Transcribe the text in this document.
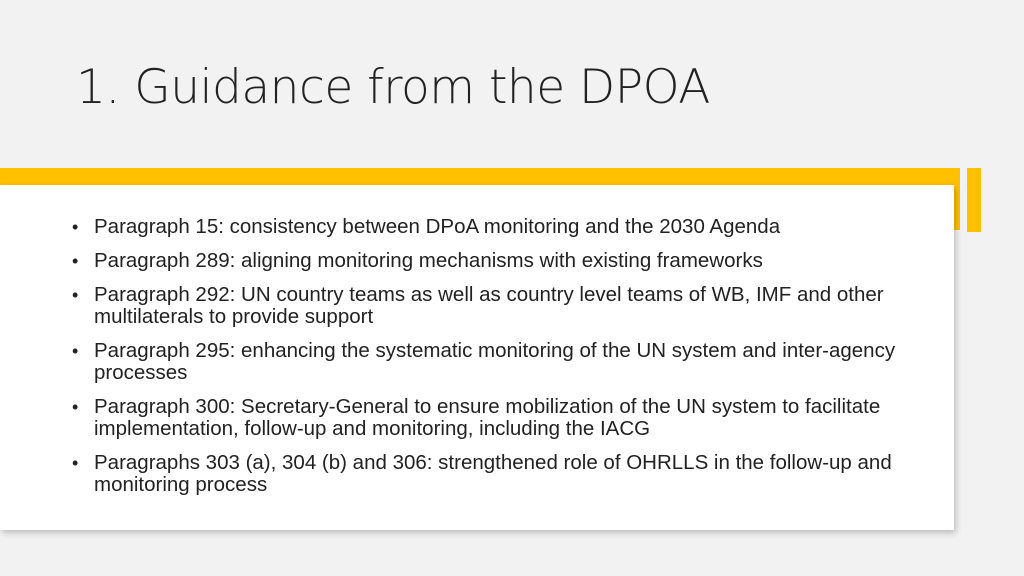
1. Guidance from the DPOA
• Paragraph 15: consistency between DPoA monitoring and the 2030 Agenda
• Paragraph 289: aligning monitoring mechanisms with existing frameworks
• Paragraph 292: UN country teams as well as country level teams of WB, IMF and other multilaterals to provide support
• Paragraph 295: enhancing the systematic monitoring of the UN system and inter-agency processes
• Paragraph 300: Secretary-General to ensure mobilization of the UN system to facilitate implementation, follow-up and monitoring, including the IACG
• Paragraphs 303 (a), 304 (b) and 306: strengthened role of OHRLLS in the follow-up and monitoring process
